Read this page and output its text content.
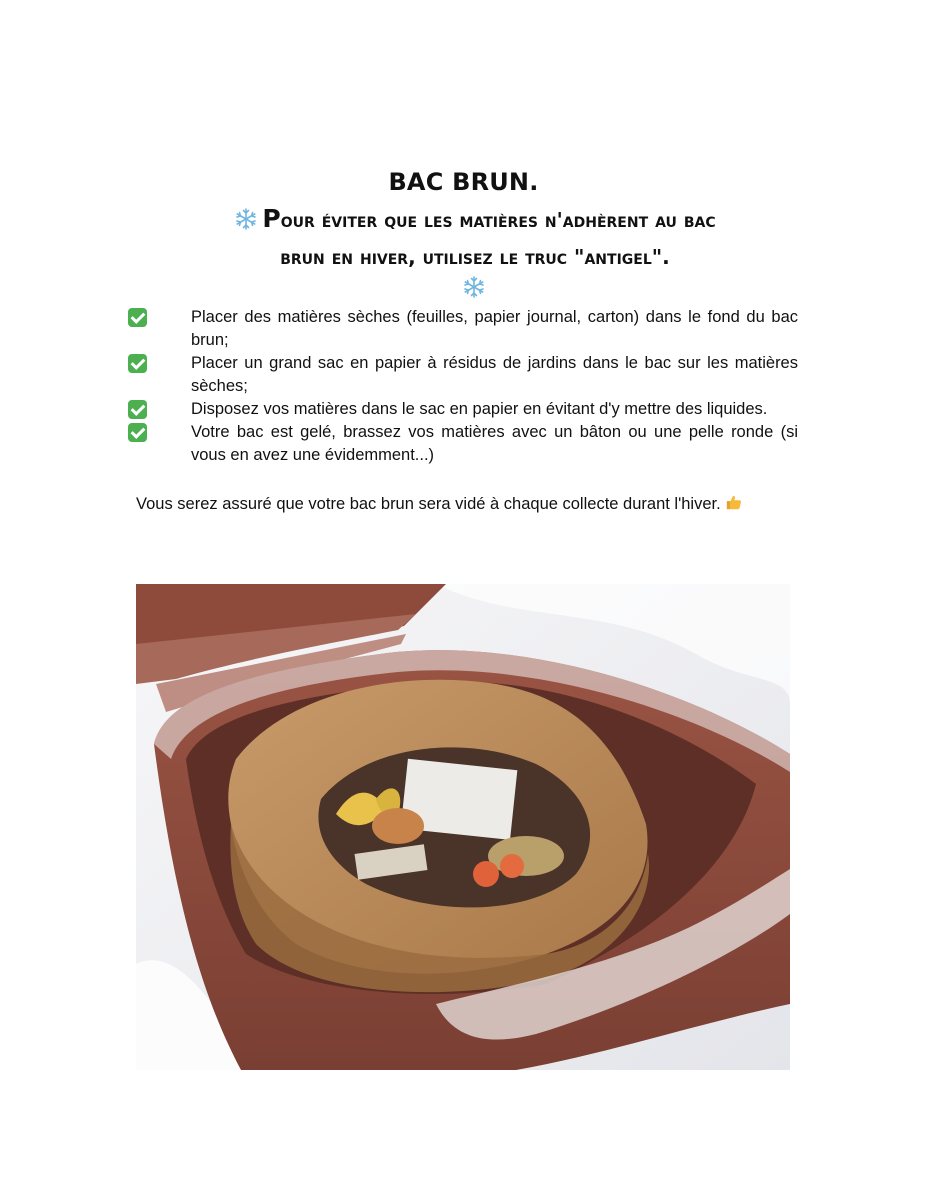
BAC BRUN.
Pour éviter que les matières n'adhèrent au bac
brun en hiver, utilisez le truc "antigel".
Placer des matières sèches (feuilles, papier journal, carton) dans le fond du bac brun;
Placer un grand sac en papier à résidus de jardins dans le bac sur les matières sèches;
Disposez vos matières dans le sac en papier en évitant d'y mettre des liquides.
Votre bac est gelé, brassez vos matières avec un bâton ou une pelle ronde (si vous en avez une évidemment...)
Vous serez assuré que votre bac brun sera vidé à chaque collecte durant l'hiver.
